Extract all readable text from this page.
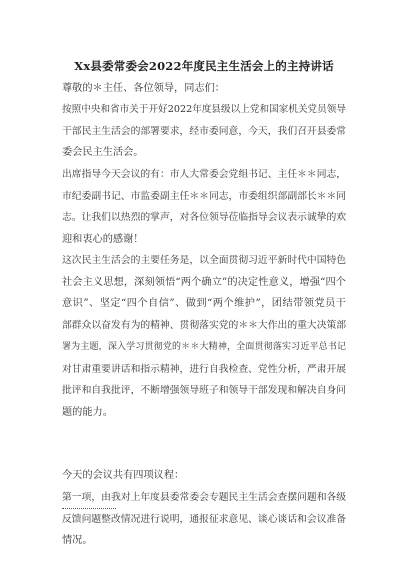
Xx县委常委会2022年度民主生活会上的主持讲话
尊敬的＊主任、各位领导，同志们：
按照中央和省市关于开好2022年度县级以上党和国家机关党员领导
干部民主生活会的部署要求，经市委同意，今天，我们召开县委常
委会民主生活会。
出席指导今天会议的有：市人大常委会党组书记、主任＊＊同志，
市纪委副书记、市监委副主任＊＊同志，市委组织部副部长＊＊同
志。让我们以热烈的掌声，对各位领导莅临指导会议表示诚挚的欢
迎和衷心的感谢！
这次民主生活会的主要任务是，以全面贯彻习近平新时代中国特色
社会主义思想，深刻领悟“两个确立”的决定性意义，增强“四个
意识”、坚定“四个自信”、做到“两个维护”，团结带领党员干
部群众以奋发有为的精神、贯彻落实党的＊＊大作出的重大决策部
署为主题，深入学习贯彻党的＊＊大精神，全面贯彻落实习近平总书记
对甘肃重要讲话和指示精神，进行自我检查、党性分析，严肃开展
批评和自我批评，不断增强领导班子和领导干部发现和解决自身问
题的能力。
今天的会议共有四项议程：
第一项，由我对上年度县委常委会专题民主生活会查摆问题和各级
反馈问题整改情况进行说明，通报征求意见、谈心谈话和会议准备
情况。
